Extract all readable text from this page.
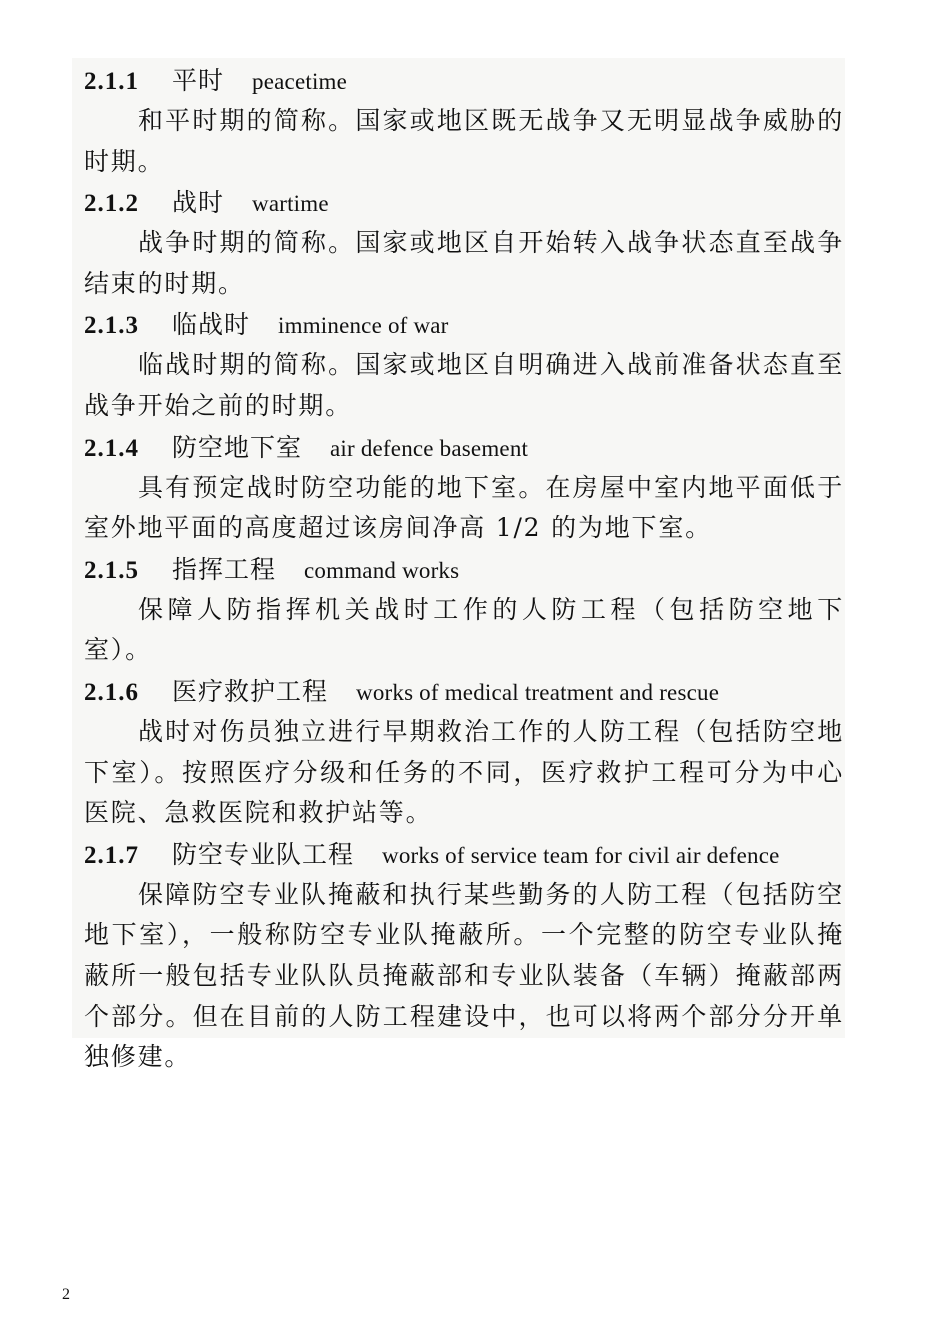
2.1.1	平时 peacetime

和平时期的简称。国家或地区既无战争又无明显战争威胁的时期。

2.1.2	战时 wartime

战争时期的简称。国家或地区自开始转入战争状态直至战争结束的时期。

2.1.3	临战时 imminence of war

临战时期的简称。国家或地区自明确进入战前准备状态直至战争开始之前的时期。

2.1.4	防空地下室 air defence basement

具有预定战时防空功能的地下室。在房屋中室内地平面低于室外地平面的高度超过该房间净高 1/2 的为地下室。

2.1.5	指挥工程 command works

保障人防指挥机关战时工作的人防工程（包括防空地下室）。

2.1.6	医疗救护工程 works of medical treatment and rescue

战时对伤员独立进行早期救治工作的人防工程（包括防空地下室）。按照医疗分级和任务的不同，医疗救护工程可分为中心医院、急救医院和救护站等。

2.1.7	防空专业队工程 works of service team for civil air defence

保障防空专业队掩蔽和执行某些勤务的人防工程（包括防空地下室），一般称防空专业队掩蔽所。一个完整的防空专业队掩蔽所一般包括专业队队员掩蔽部和专业队装备（车辆）掩蔽部两个部分。但在目前的人防工程建设中，也可以将两个部分分开单独修建。

2
